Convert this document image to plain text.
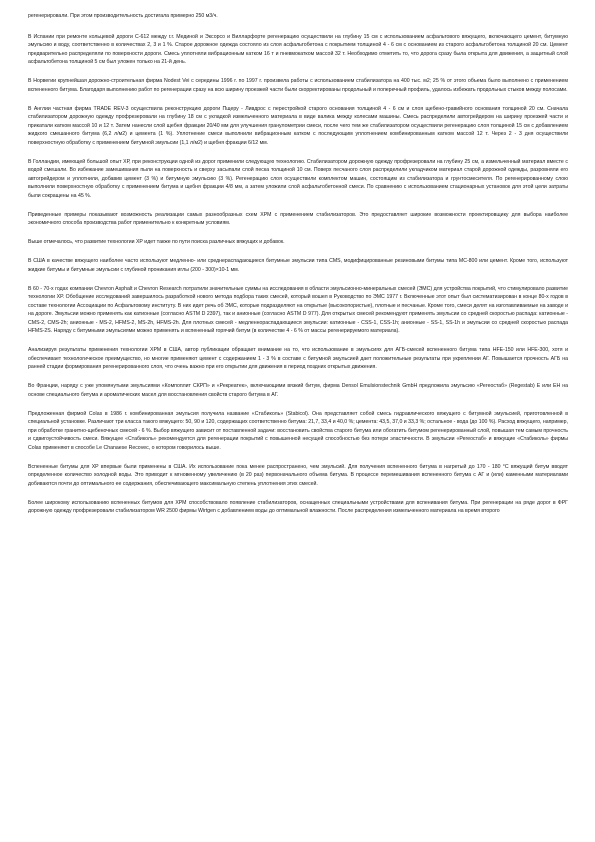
регенерировали. При этом производительность достигала примерно 250 м3/ч.

В Испании при ремонте кольцевой дороги С-612 между г.г. Мединой и Эксорсо и Вилларфорте регенерацию осуществили на глубину 15 см с использованием асфальтового вяжущего, включающего цемент, битумную эмульсию и воду, соответственно в количествах 2, 3 и 1 %. Старое дорожное одежда состояло из слоя асфальтобетона с покрытием толщиной 4 - 6 см с основанием из старого асфальтобетона толщиной 20 см. Цемент предварительно распределяли по поверхности дороги. Смесь уплотняли вибрационным катком 16 т и пневмокатком массой 32 т. Необходимо отметить то, что дорога сразу была открыта для движения, а защитный слой асфальтобетона толщиной 5 см был уложен только на 21-й день.

В Норвегии крупнейшая дорожно-строительная фирма Nodest Vei с середины 1996 г. по 1997 г. произвела работы с использованием стабилизатора на 400 тыс. м2; 25 % от этого объема было выполнено с применением вспененного битума. Благодаря выполнению работ по регенерации сразу на всю ширину проезжей части были скорректированы продольный и поперечный профиль, удалось избежать продольных стыков между полосами.

В Англии частная фирма TRADE REV-3 осуществила реконструкцию дороги Пщеру - Ливдрос с перестройкой старого основания толщиной 4 - 6 см и слоя щебено-гравийного основания толщиной 20 см. Сначала стабилизатором дорожную одежду профрезеровали на глубину 18 см с укладкой измельченного материала в виде валика между колесами машины. Смесь распределили автогрейдером на ширину проезжей части и прикатали катком массой 10 и 12 т. Затем нанесли слой щебня фракции 20/40 мм для улучшения гранулометрии смеси, после чего тем же стабилизатором осуществили регенерацию слоя толщиной 15 см с добавлением жидкого смешанного битума (6,2 л/м2) и цемента (1 %). Уплотнение смеси выполнили вибрационным катком с последующим уплотнением комбинированным катком массой 12 т. Через 2 - 3 дня осуществили поверхностную обработку с применением битумной эмульсии (1,1 л/м2) и щебня фракции 6/12 мм.

В Голландии, имеющей большой опыт ХР, при реконструкции одной из дорог применили следующую технологию. Стабилизатором дорожную одежду профрезеровали на глубину 25 см, а измельченный материал вместе с водой смешали. Во избежание замешивания пыли на поверхность и сверху засыпали слой песка толщиной 10 см. Поверх песчаного слоя распределили укладчиком материал старой дорожной одежды, разровняли его автогрейдером и уплотнили, добавив цемент (3 %) и битумную эмульсию (3 %). Регенерацию слоя осуществили комплектом машин, состоящим из стабилизатора и грунтосмесителя. По регенерированному слою выполнили поверхностную обработку с применением битума и щебня фракции 4/8 мм, а затем уложили слой асфальтобетонной смеси. По сравнению с использованием стационарных установок для этой цели затраты были сокращены на 45 %.

Приведенные примеры показывают возможность реализации самых разнообразных схем ХРМ с применением стабилизаторов. Это предоставляет широкие возможности проектировщику для выбора наиболее экономичного способа производства работ применительно к конкретным условиям.

Выше отмечалось, что развитие технологии ХР идет также по пути поиска различных вяжущих и добавок.

В США в качестве вяжущего наиболее часто используют медленно- или среднераспадающиеся битумные эмульсии типа СМS, модифицированные резиновыми битумы типа МС-800 или цемент. Кроме того, используют жидкие битумы и битумные эмульсии с глубиной проникания иглы (200 - 300)×10-1 мм.

В 60 - 70-х годах компании Chevron Asphalt и Chevron Research потратили значительные суммы на исследования в области эмульсионно-минеральных смесей (ЭМС) для устройства покрытий, что стимулировало развитие технологии ХР. Обобщение исследований завершилось разработкой нового метода подбора таких смесей, который вошел в Руководство по ЭМС 1977 г. Включенные этот опыт был систематизирован в конце 80-х годов в составе технологии Ассоциации по Асфальтовому институту. В них идет речь об ЭМС, которые подразделяют на открытые (высокопористые), плотные и песчаные. Кроме того, смеси делят на изготавливаемые на заводе и на дороге. Эмульсии можно применять как катионные (согласно ASTM D 2397), так и анионные (согласно ASTM D 977). Для открытых смесей рекомендуют применять эмульсии со средней скоростью распада: катионные - CMS-2, CMS-2h; анионные - MS-2, HFMS-2, MS-2h, HFMS-2h. Для плотных смесей - медленнораспадающиеся эмульсии: катионные - CSS-1, CSS-1h; анионные - SS-1, SS-1h и эмульсии со средней скоростью распада HFMS-2S. Наряду с битумными эмульсиями можно применять и вспененный горячий битум (в количестве 4 - 6 % от массы регенерируемого материала).

Анализируя результаты применения технологии ХРМ в США, автор публикации обращает внимание на то, что использование в эмульсиях для АГБ-смесей вспененного битума типа HFE-150 или HFE-300, хотя и обеспечивает технологическое преимущество, но многие применяют цемент с содержанием 1 - 3 % в составе с битумной эмульсией дает положительные результаты при укреплении АГ. Повышается прочность АГБ на ранней стадии формирования регенерированного слоя, что очень важно при его открытии для движения в период поздних открытых движения.

Во Франции, наряду с уже упомянутыми эмульсиями «Компоплит СКРП» и «Рекреатек», включающими вязкий битум, фирма Densol Emulsionstechnik GmbH предложила эмульсию «Регеостаб» (Regestab) Е или ЕН на основе специального битума и ароматических масел для восстановления свойств старого битума в АГ.

Предложенная фирмой Colas в 1986 г. комбинированная эмульсия получила название «Стабиколь» (Stabicol). Она представляет собой смесь гидравлического вяжущего с битумной эмульсией, приготовленной в специальной установке. Различают три класса такого вяжущего: 50, 90 и 120, содержащих соответственно битума: 21,7, 33,4 и 40,0 %; цемента: 43,5, 37,0 и 33,3 %; остальное - вода (до 100 %). Расход вяжущего, например, при обработке гранитно-щебеночных смесей - 6 %. Выбор вяжущего зависит от поставленной задачи: восстановить свойства старого битума или обогатить битумом регенерированный слой, повышая тем самым прочность и сдвигоустойчивость смеси. Вяжущее «Стабиколь» рекомендуется для регенерации покрытий с повышенной несущей способностью без потери эластичности. В эмульсии «Регеостаб» и вяжущие «Стабиколь» фирмы Colas применяют в способе Le Chanaese Recovec, о котором говорилось выше.

Вспененные битумы для ХР впервые были применены в США. Их использование пока менее распространено, чем эмульсий. Для получения вспененного битума в нагретый до 170 - 180 °С вяжущий битум вводят определенное количество холодной воды. Это приводит к мгновенному увеличению (в 20 раз) первоначального объема битума. В процессе перемешивания вспененного битума с АГ и (или) каменными материалами добиваются почти до оптимального ее содержания, обеспечивающего максимальную степень уплотнения этих смесей.

Более широкому использованию вспененных битумов для ХРМ способствовало появление стабилизаторов, оснащенных специальными устройствами для вспенивания битума. При регенерации на ряде дорог в ФРГ дорожную одежду профрезеровали стабилизатором WR 2500 фирмы Wirtgen с добавлением воды до оптимальной влажности. После распределения измельченного материала на время второго
